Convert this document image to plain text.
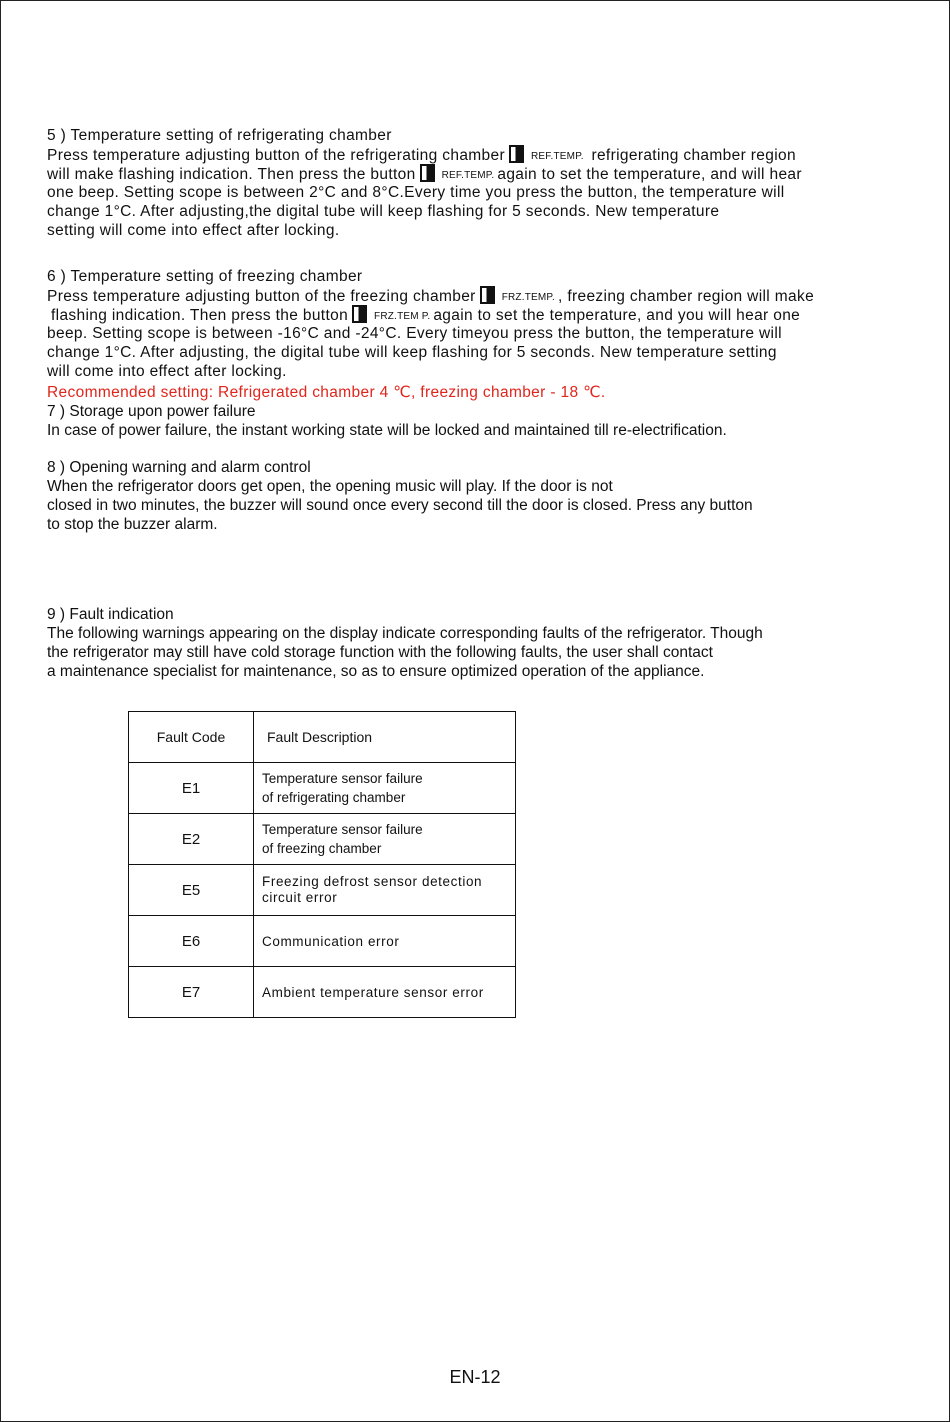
5 ) Temperature setting of refrigerating chamber
Press temperature adjusting button of the refrigerating chamber	REF.TEMP. refrigerating chamber region
will make flashing indication. Then press the button	REF.TEMP. again to set the temperature, and will hear
one beep. Setting scope is between 2°C and 8°C.Every time you press the button, the temperature will
change 1°C. After adjusting,the digital tube will keep flashing for 5 seconds. New temperature
setting will come into effect after locking.
6 ) Temperature setting of freezing chamber
Press temperature adjusting button of the freezing chamber	FRZ.TEMP. , freezing chamber region will make
flashing indication. Then press the button	FRZ.TEM P. again to set the temperature, and you will hear one
beep. Setting scope is between -16°C and -24°C. Every timeyou press the button, the temperature will
change 1°C. After adjusting, the digital tube will keep flashing for 5 seconds. New temperature setting
will come into effect after locking.
Recommended setting: Refrigerated chamber 4 ℃, freezing chamber - 18 ℃.
7 ) Storage upon power failure
In case of power failure, the instant working state will be locked and maintained till re-electrification.
8 ) Opening warning and alarm control
When the refrigerator doors get open, the opening music will play. If the door is not
closed in two minutes, the buzzer will sound once every second till the door is closed. Press any button
to stop the buzzer alarm.
9 ) Fault indication
The following warnings appearing on the display indicate corresponding faults of the refrigerator. Though
the refrigerator may still have cold storage function with the following faults, the user shall contact
a maintenance specialist for maintenance, so as to ensure optimized operation of the appliance.
Fault Code	Fault Description
E1	Temperature sensor failure
of refrigerating chamber
E2	Temperature sensor failure
of freezing chamber
E5	Freezing defrost sensor detection
circuit error
E6	Communication error
E7	Ambient temperature sensor error
EN-12
